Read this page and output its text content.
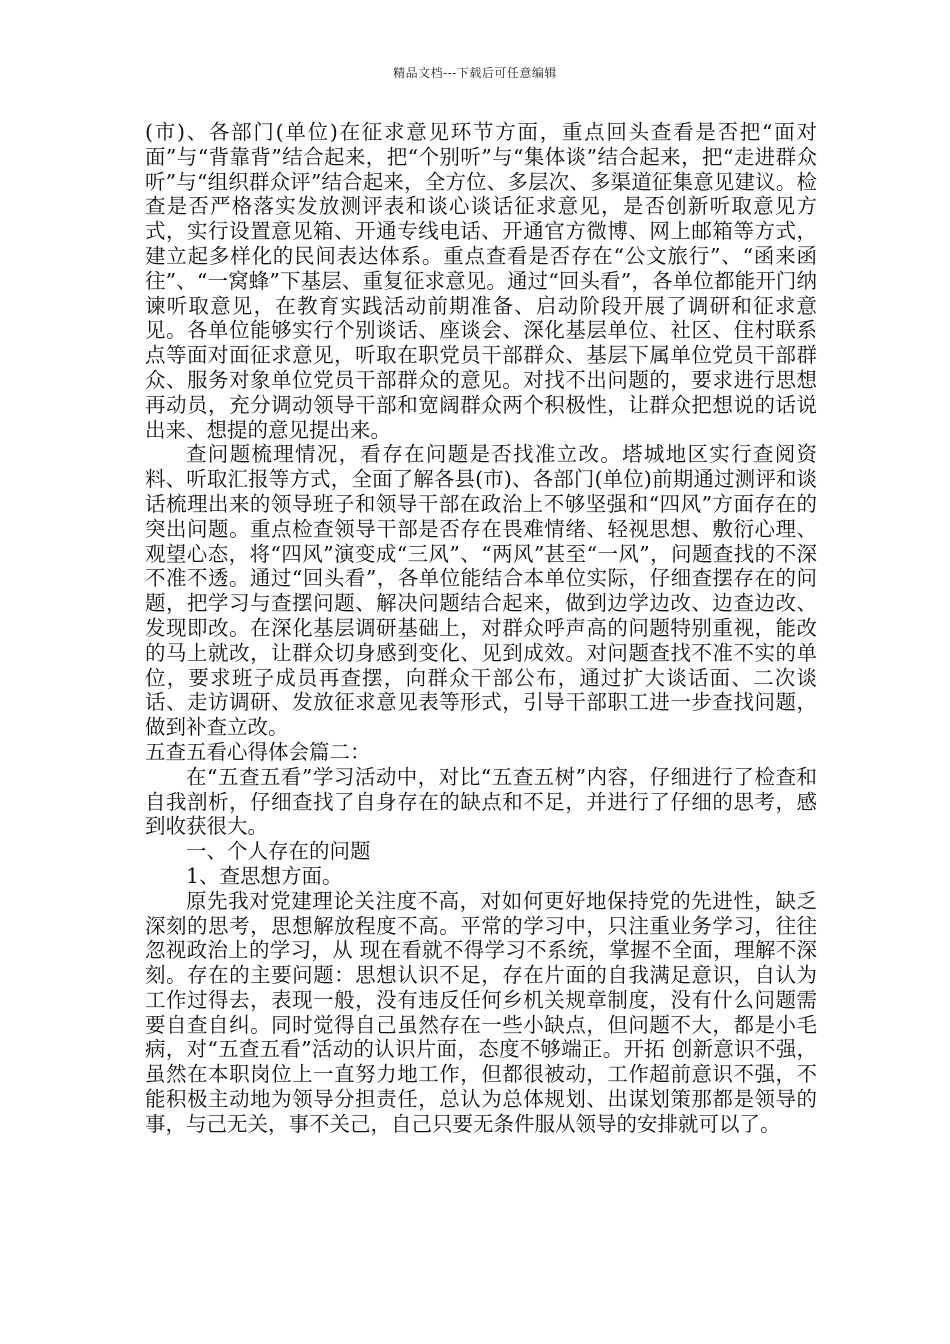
精品文档---下载后可任意编辑

(市)、各部门(单位)在征求意见环节方面，重点回头查看是否把“面对面”与“背靠背”结合起来，把“个别听”与“集体谈”结合起来，把“走进群众听”与“组织群众评”结合起来，全方位、多层次、多渠道征集意见建议。检查是否严格落实发放测评表和谈心谈话征求意见，是否创新听取意见方式，实行设置意见箱、开通专线电话、开通官方微博、网上邮箱等方式，建立起多样化的民间表达体系。重点查看是否存在“公文旅行”、“函来函往”、“一窝蜂”下基层、重复征求意见。通过“回头看”，各单位都能开门纳谏听取意见，在教育实践活动前期准备、启动阶段开展了调研和征求意见。各单位能够实行个别谈话、座谈会、深化基层单位、社区、住村联系点等面对面征求意见，听取在职党员干部群众、基层下属单位党员干部群众、服务对象单位党员干部群众的意见。对找不出问题的，要求进行思想再动员，充分调动领导干部和宽阔群众两个积极性，让群众把想说的话说出来、想提的意见提出来。

查问题梳理情况，看存在问题是否找准立改。塔城地区实行查阅资料、听取汇报等方式，全面了解各县(市)、各部门(单位)前期通过测评和谈话梳理出来的领导班子和领导干部在政治上不够坚强和“四风”方面存在的突出问题。重点检查领导干部是否存在畏难情绪、轻视思想、敷衍心理、观望心态，将“四风”演变成“三风”、“两风”甚至“一风”，问题查找的不深不准不透。通过“回头看”，各单位能结合本单位实际，仔细查摆存在的问题，把学习与查摆问题、解决问题结合起来，做到边学边改、边查边改、发现即改。在深化基层调研基础上，对群众呼声高的问题特别重视，能改的马上就改，让群众切身感到变化、见到成效。对问题查找不准不实的单位，要求班子成员再查摆，向群众干部公布，通过扩大谈话面、二次谈话、走访调研、发放征求意见表等形式，引导干部职工进一步查找问题，做到补查立改。

五查五看心得体会篇二：

在“五查五看”学习活动中，对比“五查五树”内容，仔细进行了检查和自我剖析，仔细查找了自身存在的缺点和不足，并进行了仔细的思考，感到收获很大。

一、个人存在的问题

1、查思想方面。

原先我对党建理论关注度不高，对如何更好地保持党的先进性，缺乏深刻的思考，思想解放程度不高。平常的学习中，只注重业务学习，往往忽视政治上的学习，从 现在看就不得学习不系统，掌握不全面，理解不深刻。存在的主要问题：思想认识不足，存在片面的自我满足意识，自认为工作过得去，表现一般，没有违反任何乡机关规章制度，没有什么问题需要自查自纠。同时觉得自己虽然存在一些小缺点，但问题不大，都是小毛病，对“五查五看”活动的认识片面，态度不够端正。开拓 创新意识不强，虽然在本职岗位上一直努力地工作，但都很被动，工作超前意识不强，不能积极主动地为领导分担责任，总认为总体规划、出谋划策那都是领导的 事，与己无关，事不关己，自己只要无条件服从领导的安排就可以了。
